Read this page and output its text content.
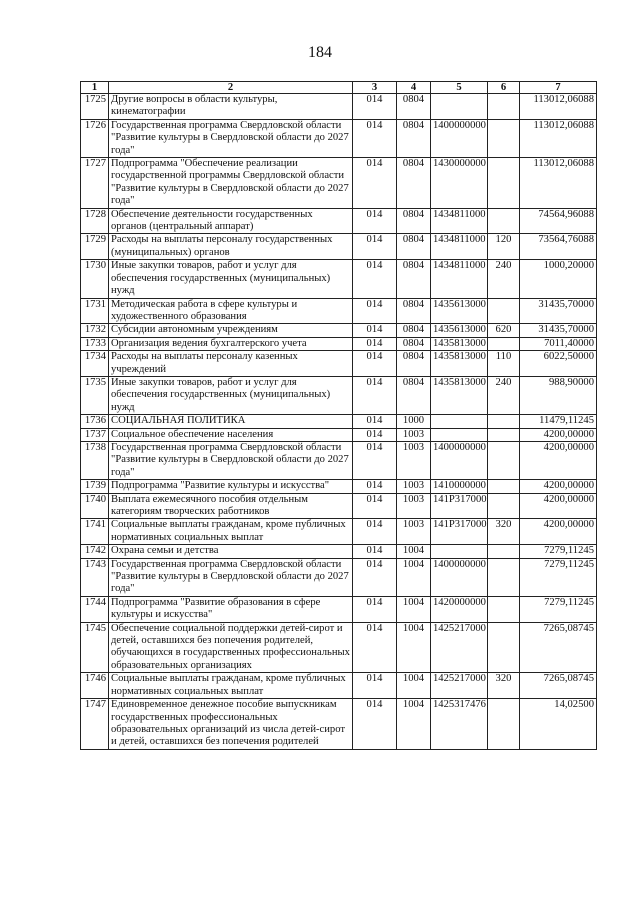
184
1	2	3	4	5	6	7
1725	Другие вопросы в области культуры, кинематографии	014	0804			113012,06088
1726	Государственная программа Свердловской области "Развитие культуры в Свердловской области до 2027 года"	014	0804	1400000000		113012,06088
1727	Подпрограмма "Обеспечение реализации государственной программы Свердловской области "Развитие культуры в Свердловской области до 2027 года"	014	0804	1430000000		113012,06088
1728	Обеспечение деятельности государственных органов (центральный аппарат)	014	0804	1434811000		74564,96088
1729	Расходы на выплаты персоналу государственных (муниципальных) органов	014	0804	1434811000	120	73564,76088
1730	Иные закупки товаров, работ и услуг для обеспечения государственных (муниципальных) нужд	014	0804	1434811000	240	1000,20000
1731	Методическая работа в сфере культуры и художественного образования	014	0804	1435613000		31435,70000
1732	Субсидии автономным учреждениям	014	0804	1435613000	620	31435,70000
1733	Организация ведения бухгалтерского учета	014	0804	1435813000		7011,40000
1734	Расходы на выплаты персоналу казенных учреждений	014	0804	1435813000	110	6022,50000
1735	Иные закупки товаров, работ и услуг для обеспечения государственных (муниципальных) нужд	014	0804	1435813000	240	988,90000
1736	СОЦИАЛЬНАЯ ПОЛИТИКА	014	1000			11479,11245
1737	Социальное обеспечение населения	014	1003			4200,00000
1738	Государственная программа Свердловской области "Развитие культуры в Свердловской области до 2027 года"	014	1003	1400000000		4200,00000
1739	Подпрограмма "Развитие культуры и искусства"	014	1003	1410000000		4200,00000
1740	Выплата ежемесячного пособия отдельным категориям творческих работников	014	1003	141P317000		4200,00000
1741	Социальные выплаты гражданам, кроме публичных нормативных социальных выплат	014	1003	141P317000	320	4200,00000
1742	Охрана семьи и детства	014	1004			7279,11245
1743	Государственная программа Свердловской области "Развитие культуры в Свердловской области до 2027 года"	014	1004	1400000000		7279,11245
1744	Подпрограмма "Развитие образования в сфере культуры и искусства"	014	1004	1420000000		7279,11245
1745	Обеспечение социальной поддержки детей-сирот и детей, оставшихся без попечения родителей, обучающихся в государственных профессиональных образовательных организациях	014	1004	1425217000		7265,08745
1746	Социальные выплаты гражданам, кроме публичных нормативных социальных выплат	014	1004	1425217000	320	7265,08745
1747	Единовременное денежное пособие выпускникам государственных профессиональных образовательных организаций из числа детей-сирот и детей, оставшихся без попечения родителей	014	1004	1425317476		14,02500
